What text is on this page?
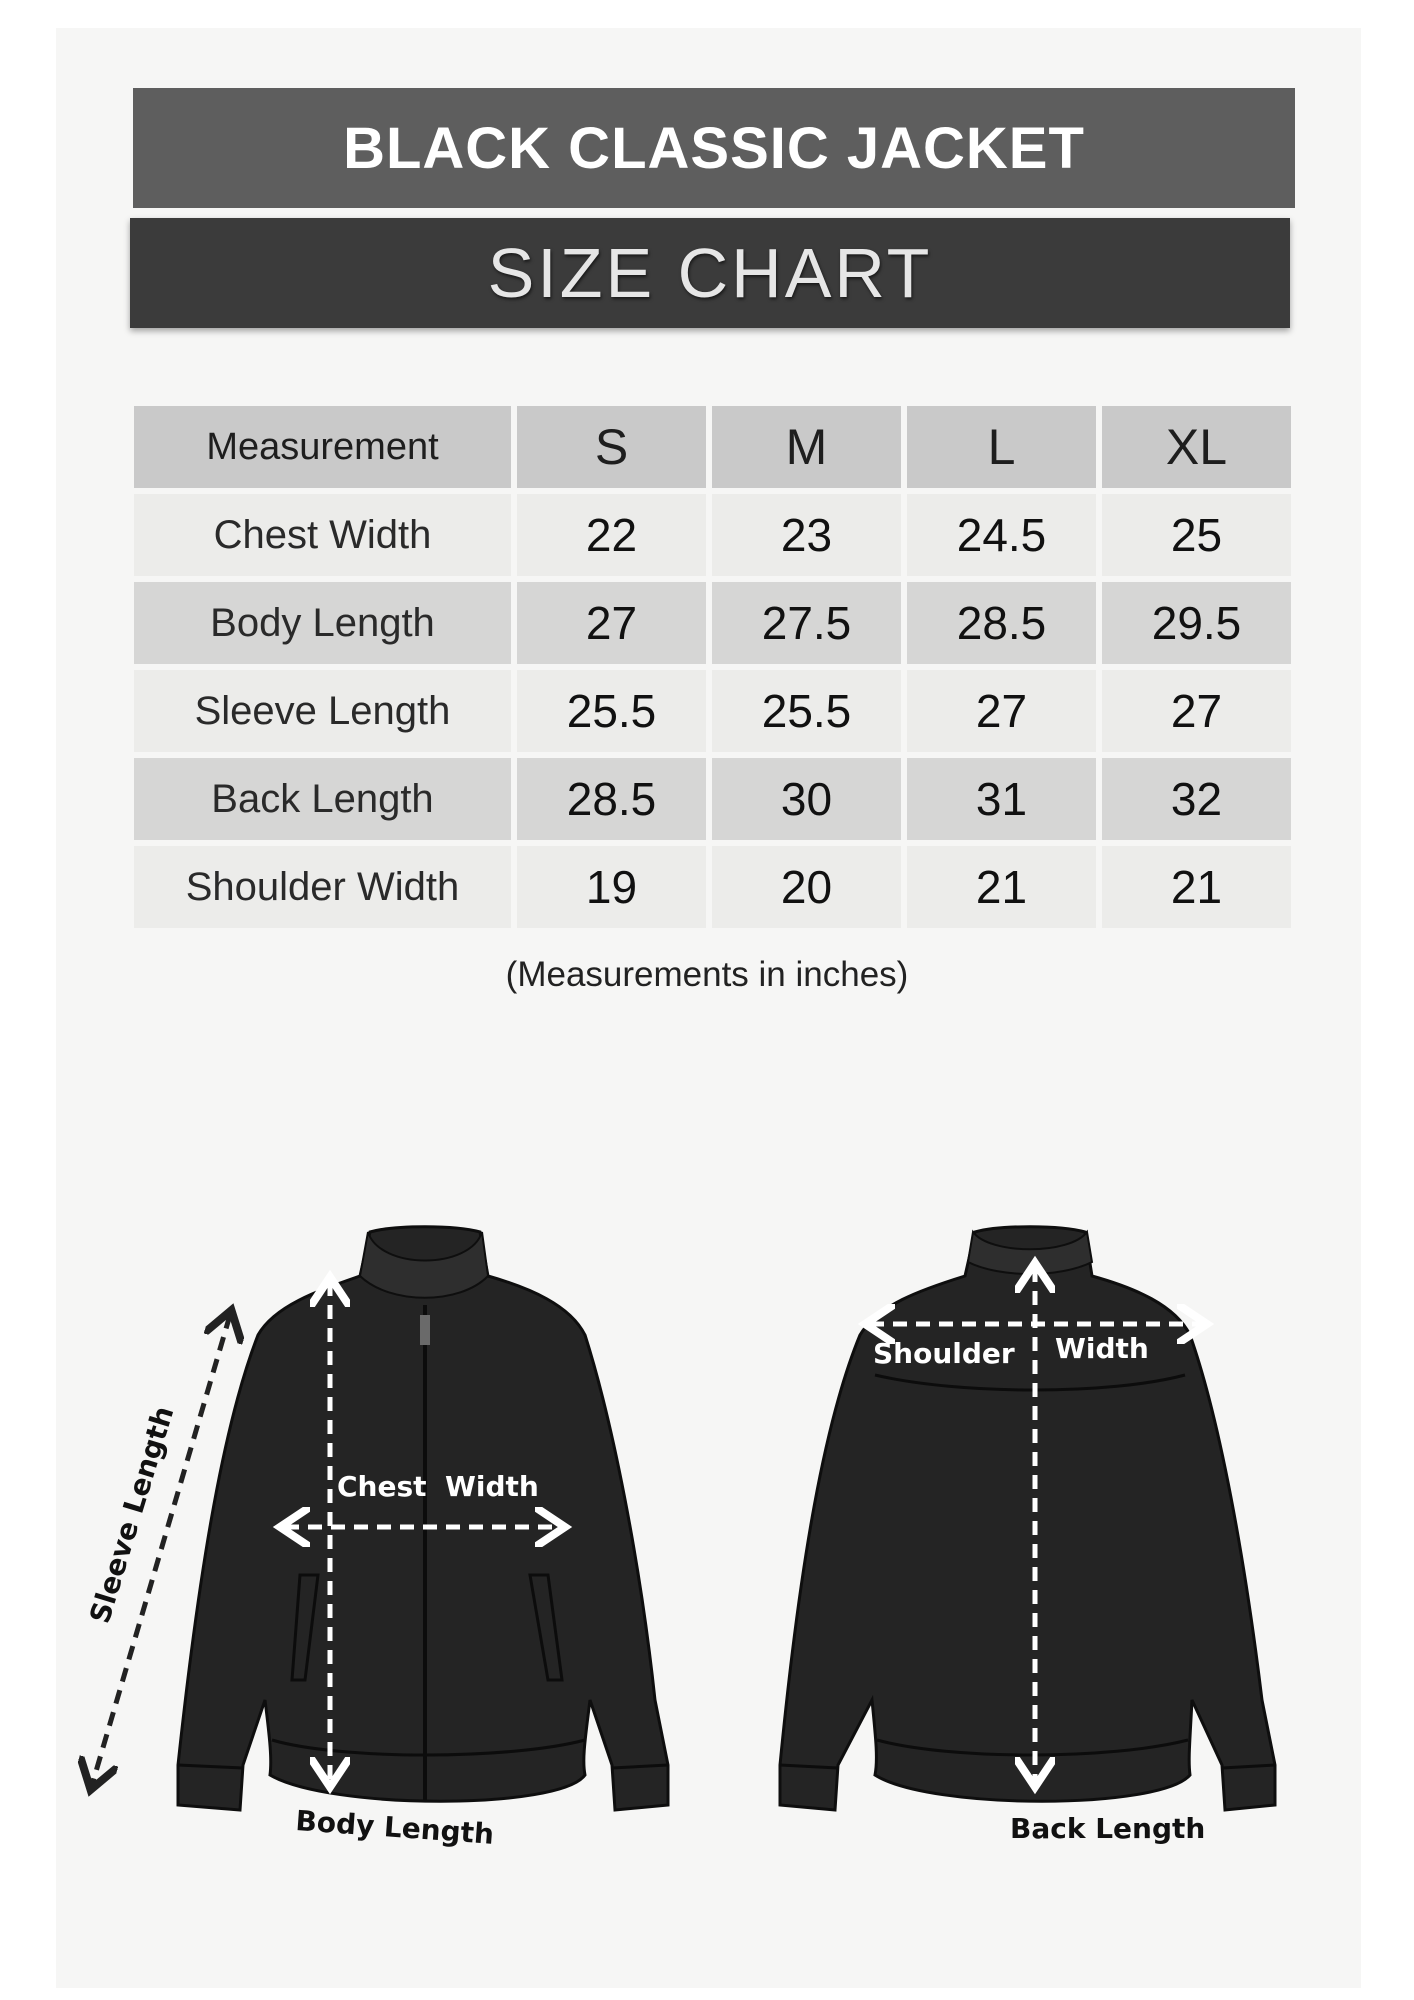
BLACK CLASSIC JACKET
SIZE CHART
Measurement	S	M	L	XL
Chest Width	22	23	24.5	25
Body Length	27	27.5	28.5	29.5
Sleeve Length	25.5	25.5	27	27
Back Length	28.5	30	31	32
Shoulder Width	19	20	21	21
(Measurements in inches)
Chest Width
Shoulder Width
Sleeve Length
Body Length	Back Length
